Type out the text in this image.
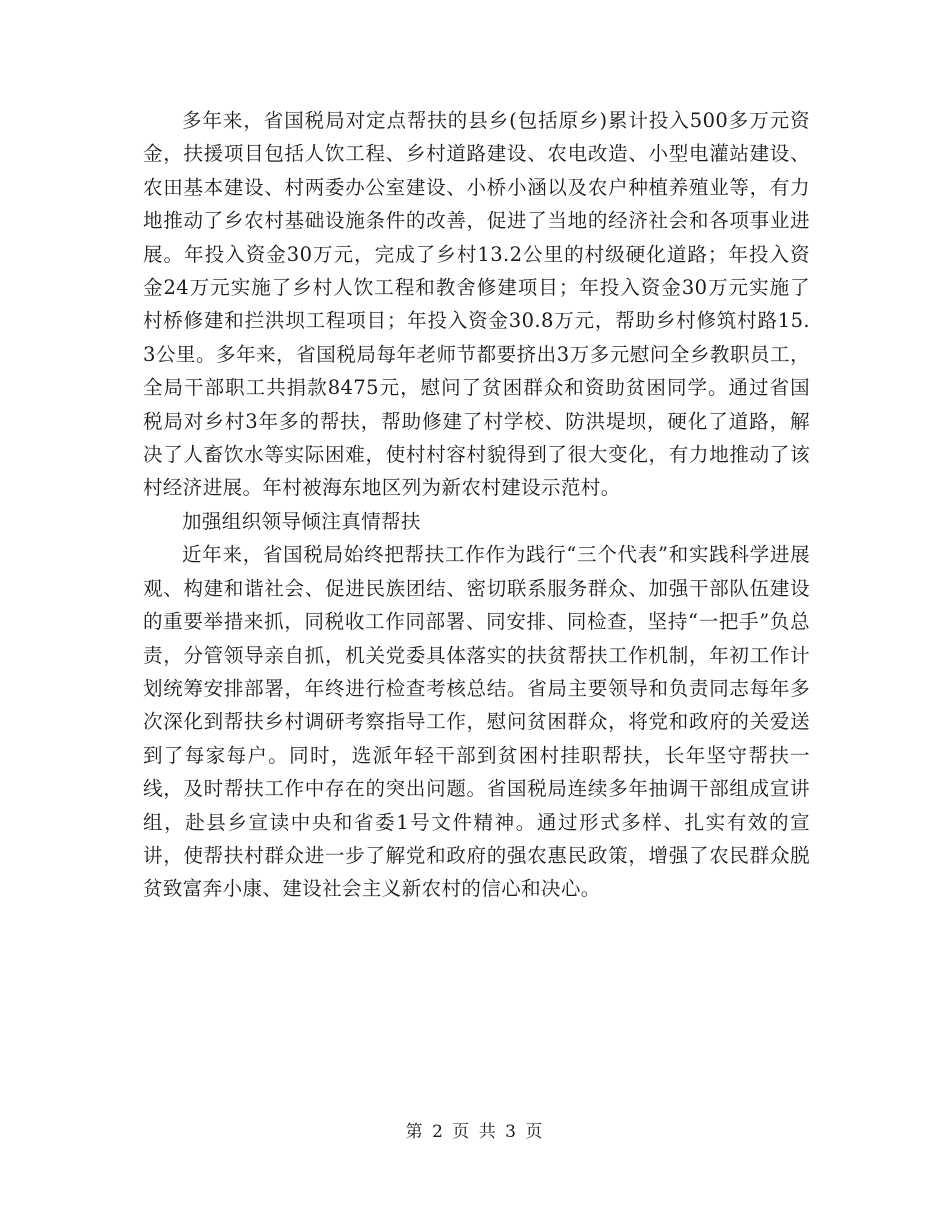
多年来，省国税局对定点帮扶的县乡(包括原乡)累计投入500多万元资金，扶援项目包括人饮工程、乡村道路建设、农电改造、小型电灌站建设、农田基本建设、村两委办公室建设、小桥小涵以及农户种植养殖业等，有力地推动了乡农村基础设施条件的改善，促进了当地的经济社会和各项事业进展。年投入资金30万元，完成了乡村13.2公里的村级硬化道路；年投入资金24万元实施了乡村人饮工程和教舍修建项目；年投入资金30万元实施了村桥修建和拦洪坝工程项目；年投入资金30.8万元，帮助乡村修筑村路15.3公里。多年来，省国税局每年老师节都要挤出3万多元慰问全乡教职员工，全局干部职工共捐款8475元，慰问了贫困群众和资助贫困同学。通过省国税局对乡村3年多的帮扶，帮助修建了村学校、防洪堤坝，硬化了道路，解决了人畜饮水等实际困难，使村村容村貌得到了很大变化，有力地推动了该村经济进展。年村被海东地区列为新农村建设示范村。

加强组织领导倾注真情帮扶

近年来，省国税局始终把帮扶工作作为践行“三个代表”和实践科学进展观、构建和谐社会、促进民族团结、密切联系服务群众、加强干部队伍建设的重要举措来抓，同税收工作同部署、同安排、同检查，坚持“一把手”负总责，分管领导亲自抓，机关党委具体落实的扶贫帮扶工作机制，年初工作计划统筹安排部署，年终进行检查考核总结。省局主要领导和负责同志每年多次深化到帮扶乡村调研考察指导工作，慰问贫困群众，将党和政府的关爱送到了每家每户。同时，选派年轻干部到贫困村挂职帮扶，长年坚守帮扶一线，及时帮扶工作中存在的突出问题。省国税局连续多年抽调干部组成宣讲组，赴县乡宣读中央和省委1号文件精神。通过形式多样、扎实有效的宣讲，使帮扶村群众进一步了解党和政府的强农惠民政策，增强了农民群众脱贫致富奔小康、建设社会主义新农村的信心和决心。

第 2 页 共 3 页
